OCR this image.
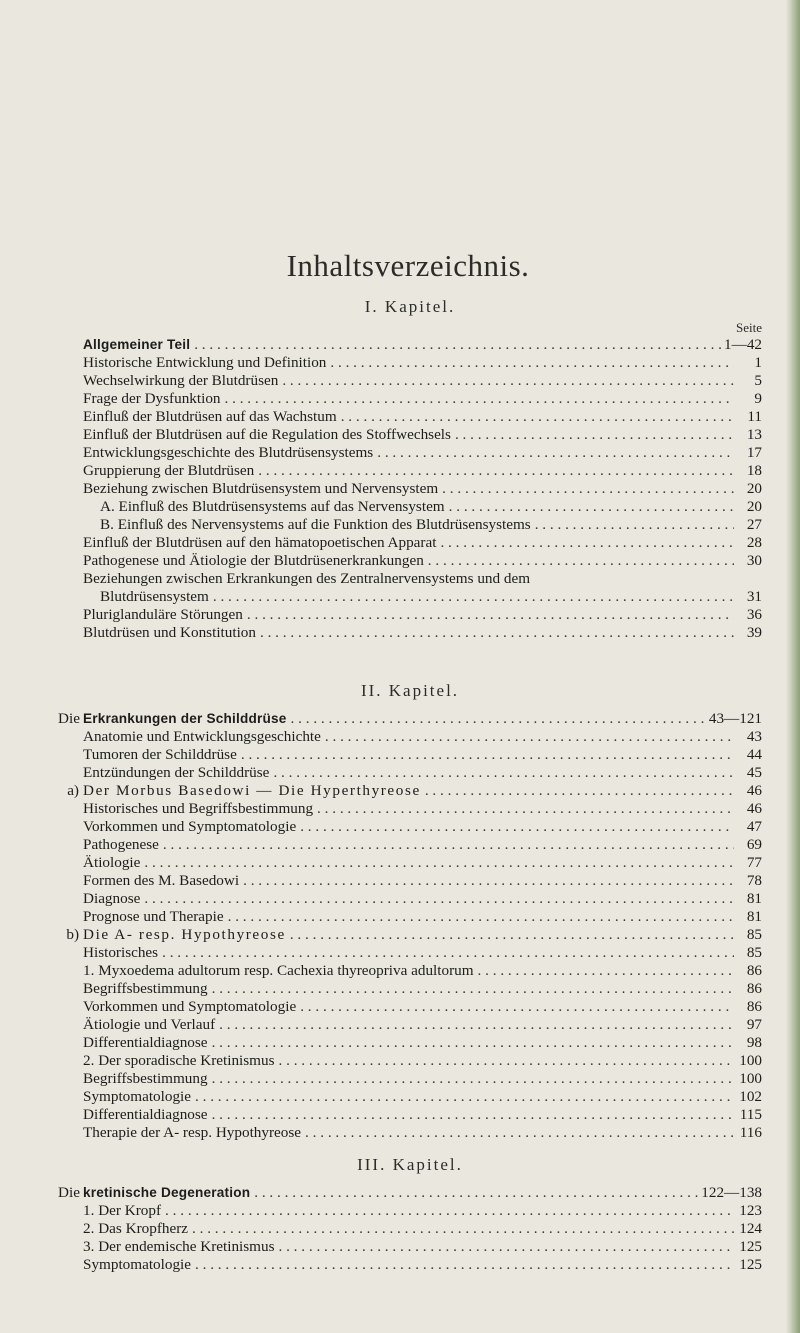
Inhaltsverzeichnis.
I. Kapitel.
Seite
Allgemeiner Teil . . .	1—42
Historische Entwicklung und Definition . . .	1
Wechselwirkung der Blutdrüsen . . .	5
Frage der Dysfunktion . . .	9
Einfluß der Blutdrüsen auf das Wachstum . . .	11
Einfluß der Blutdrüsen auf die Regulation des Stoffwechsels . . .	13
Entwicklungsgeschichte des Blutdrüsensystems . . .	17
Gruppierung der Blutdrüsen . . .	18
Beziehung zwischen Blutdrüsensystem und Nervensystem . . .	20
A. Einfluß des Blutdrüsensystems auf das Nervensystem . . .	20
B. Einfluß des Nervensystems auf die Funktion des Blutdrüsensystems . . .	27
Einfluß der Blutdrüsen auf den hämatopoetischen Apparat . . .	28
Pathogenese und Ätiologie der Blutdrüsenerkrankungen . . .	30
Beziehungen zwischen Erkrankungen des Zentralnervensystems und dem
Blutdrüsensystem . . .	31
Pluriglanduläre Störungen . . .	36
Blutdrüsen und Konstitution . . .	39
II. Kapitel.
Die Erkrankungen der Schilddrüse . . .	43—121
Anatomie und Entwicklungsgeschichte . . .	43
Tumoren der Schilddrüse . . .	44
Entzündungen der Schilddrüse . . .	45
a) Der Morbus Basedowi — Die Hyperthyreose . . .	46
Historisches und Begriffsbestimmung . . .	46
Vorkommen und Symptomatologie . . .	47
Pathogenese . . .	69
Ätiologie . . .	77
Formen des M. Basedowi . . .	78
Diagnose . . .	81
Prognose und Therapie . . .	81
b) Die A- resp. Hypothyreose . . .	85
Historisches . . .	85
1. Myxoedema adultorum resp. Cachexia thyreopriva adultorum . . .	86
Begriffsbestimmung . . .	86
Vorkommen und Symptomatologie . . .	86
Ätiologie und Verlauf . . .	97
Differentialdiagnose . . .	98
2. Der sporadische Kretinismus . . .	100
Begriffsbestimmung . . .	100
Symptomatologie . . .	102
Differentialdiagnose . . .	115
Therapie der A- resp. Hypothyreose . . .	116
III. Kapitel.
Die kretinische Degeneration . . .	122—138
1. Der Kropf . . .	123
2. Das Kropfherz . . .	124
3. Der endemische Kretinismus . . .	125
Symptomatologie . . .	125
